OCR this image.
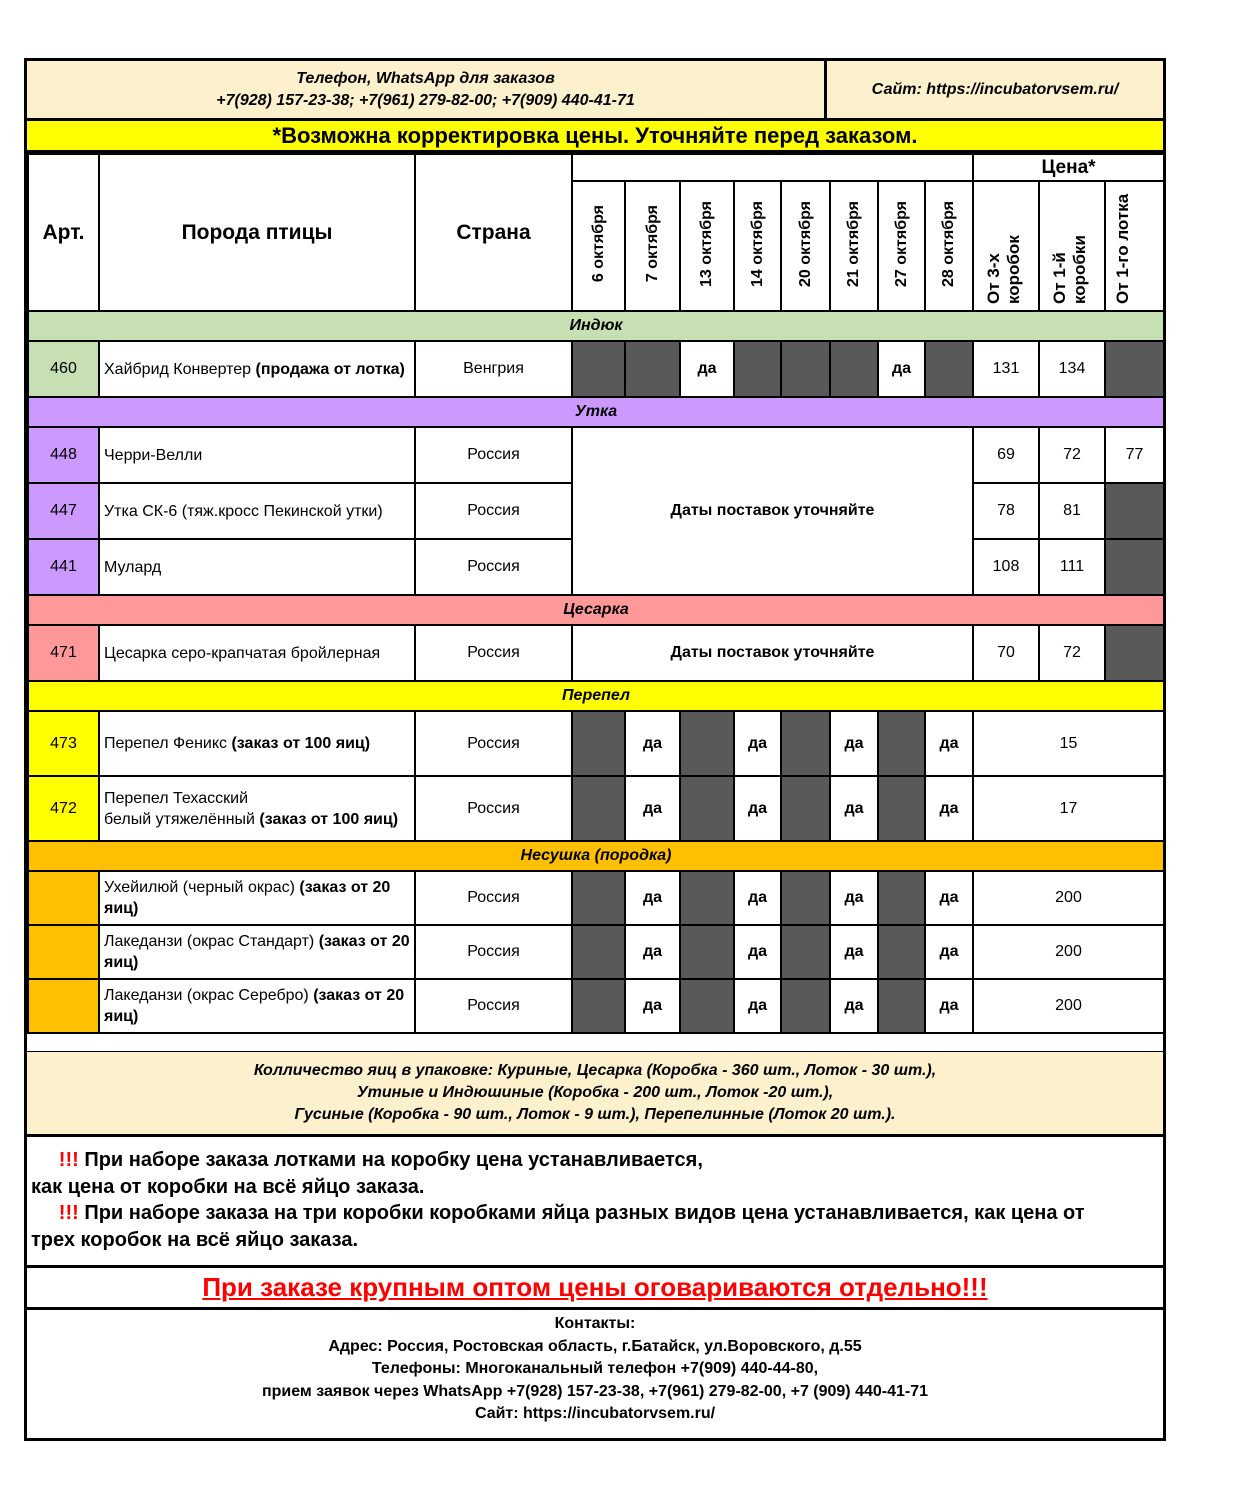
Телефон, WhatsApp для заказов
+7(928) 157-23-38; +7(961) 279-82-00; +7(909) 440-41-71
Сайт: https://incubatorvsem.ru/
*Возможна корректировка цены. Уточняйте перед заказом.
Арт.	Порода птицы	Страна									Цена*		
			6 октября	7 октября	13 октября	14 октября	20 октября	21 октября	27 октября	28 октября	От 3-х коробок	От 1-й коробки	От 1-го лотка
Индюк													
460	Хайбрид Конвертер (продажа от лотка)	Венгрия			да				да		131	134	
Утка													
448	Черри-Велли	Россия	Даты поставок уточняйте								69	72	77
447	Утка СК-6 (тяж.кросс Пекинской утки)	Россия									78	81	
441	Мулард	Россия									108	111	
Цесарка													
471	Цесарка серо-крапчатая бройлерная	Россия	Даты поставок уточняйте								70	72	
Перепел													
473	Перепел Феникс (заказ от 100 яиц)	Россия		да		да		да		да	15		
472	Перепел Техасский
белый утяжелённый (заказ от 100 яиц)	Россия		да		да		да		да	17		
Несушка (породка)													
	Ухейилюй (черный окрас) (заказ от 20 яиц)	Россия		да		да		да		да	200		
	Лакеданзи (окрас Стандарт) (заказ от 20 яиц)	Россия		да		да		да		да	200		
	Лакеданзи (окрас Серебро) (заказ от 20 яиц)	Россия		да		да		да		да	200		
Колличество яиц в упаковке: Куриные, Цесарка (Коробка - 360 шт., Лоток - 30 шт.),
Утиные и Индюшиные (Коробка - 200 шт., Лоток -20 шт.),
Гусиные (Коробка - 90 шт., Лоток - 9 шт.), Перепелинные (Лоток 20 шт.).
!!! При наборе заказа лотками на коробку цена устанавливается,
как цена от коробки на всё яйцо заказа.
!!! При наборе заказа на три коробки коробками яйца разных видов цена устанавливается, как цена от
трех коробок на всё яйцо заказа.
При заказе крупным оптом цены оговариваются отдельно!!!
Контакты:
Адрес: Россия, Ростовская область, г.Батайск, ул.Воровского, д.55
Телефоны: Многоканальный телефон +7(909) 440-44-80,
прием заявок через WhatsApp +7(928) 157-23-38, +7(961) 279-82-00, +7 (909) 440-41-71
Сайт: https://incubatorvsem.ru/
